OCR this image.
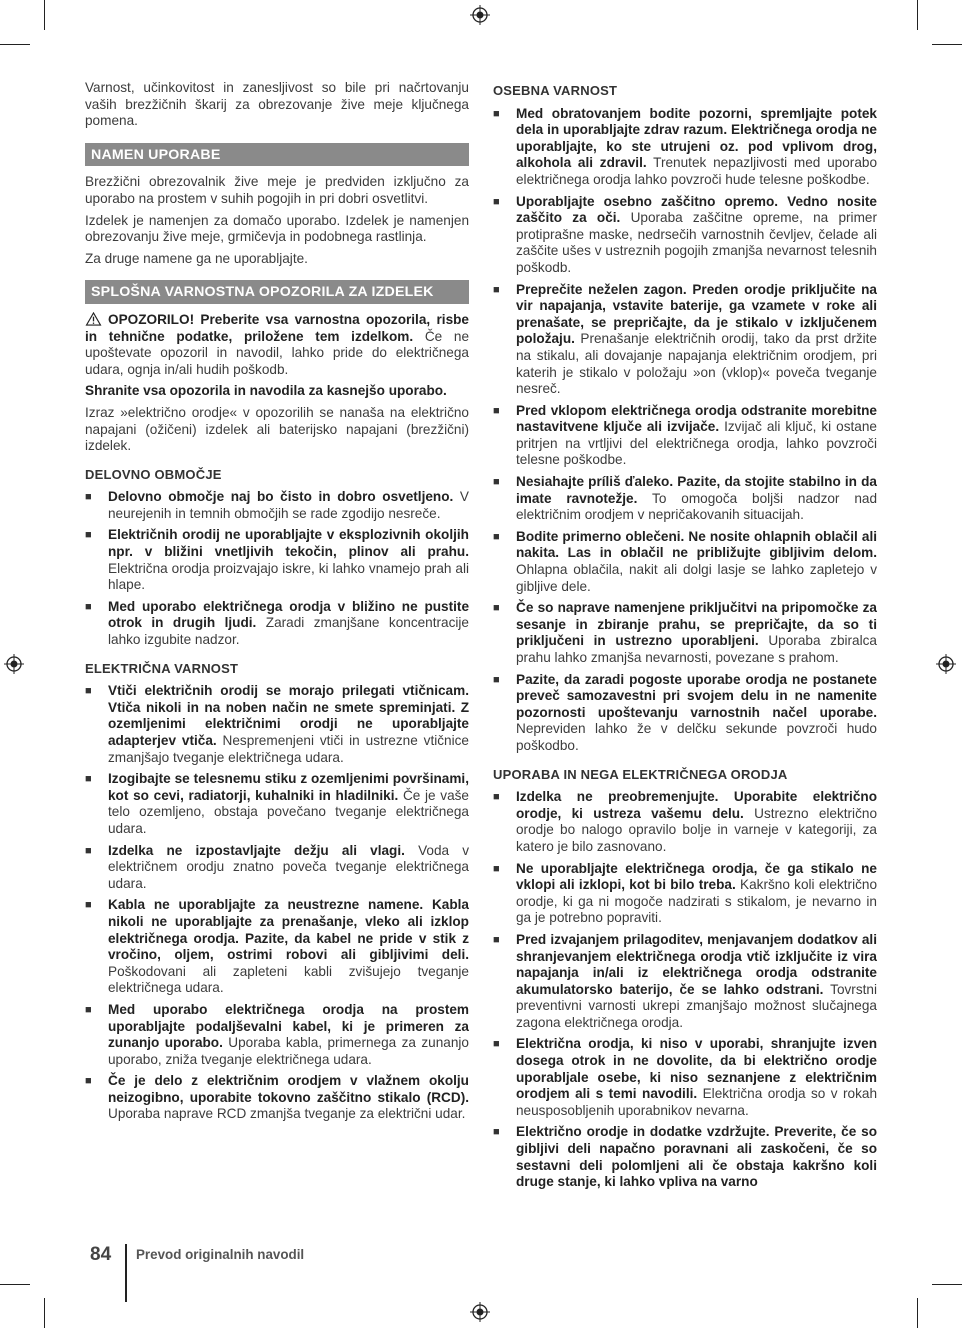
Varnost, učinkovitost in zanesljivost so bile pri načrtovanju vaših brezžičnih škarij za obrezovanje žive meje ključnega pomena.

NAMEN UPORABE

Brezžični obrezovalnik žive meje je predviden izključno za uporabo na prostem v suhih pogojih in pri dobri osvetlitvi.

Izdelek je namenjen za domačo uporabo. Izdelek je namenjen obrezovanju žive meje, grmičevja in podobnega rastlinja.

Za druge namene ga ne uporabljajte.

SPLOŠNA VARNOSTNA OPOZORILA ZA IZDELEK

OPOZORILO! Preberite vsa varnostna opozorila, risbe in tehnične podatke, priložene tem izdelkom. Če ne upoštevate opozoril in navodil, lahko pride do električnega udara, ognja in/ali hudih poškodb.

Shranite vsa opozorila in navodila za kasnejšo uporabo.

Izraz »električno orodje« v opozorilih se nanaša na električno napajani (ožičeni) izdelek ali baterijsko napajani (brezžični) izdelek.

DELOVNO OBMOČJE
■ Delovno območje naj bo čisto in dobro osvetljeno. V neurejenih in temnih območjih se rade zgodijo nesreče.
■ Električnih orodij ne uporabljajte v eksplozivnih okoljih npr. v bližini vnetljivih tekočin, plinov ali prahu. Električna orodja proizvajajo iskre, ki lahko vnamejo prah ali hlape.
■ Med uporabo električnega orodja v bližino ne pustite otrok in drugih ljudi. Zaradi zmanjšane koncentracije lahko izgubite nadzor.
ELEKTRIČNA VARNOST
■ Vtiči električnih orodij se morajo prilegati vtičnicam. Vtiča nikoli in na noben način ne smete spreminjati. Z ozemljenimi električnimi orodji ne uporabljajte adapterjev vtiča. Nespremenjeni vtiči in ustrezne vtičnice zmanjšajo tveganje električnega udara.
■ Izogibajte se telesnemu stiku z ozemljenimi površinami, kot so cevi, radiatorji, kuhalniki in hladilniki. Če je vaše telo ozemljeno, obstaja povečano tveganje električnega udara.
■ Izdelka ne izpostavljajte dežju ali vlagi. Voda v električnem orodju znatno poveča tveganje električnega udara.
■ Kabla ne uporabljajte za neustrezne namene. Kabla nikoli ne uporabljajte za prenašanje, vleko ali izklop električnega orodja. Pazite, da kabel ne pride v stik z vročino, oljem, ostrimi robovi ali gibljivimi deli. Poškodovani ali zapleteni kabli zvišujejo tveganje električnega udara.
■ Med uporabo električnega orodja na prostem uporabljajte podaljševalni kabel, ki je primeren za zunanjo uporabo. Uporaba kabla, primernega za zunanjo uporabo, zniža tveganje električnega udara.
■ Če je delo z električnim orodjem v vlažnem okolju neizogibno, uporabite tokovno zaščitno stikalo (RCD). Uporaba naprave RCD zmanjša tveganje za električni udar.
OSEBNA VARNOST
■ Med obratovanjem bodite pozorni, spremljajte potek dela in uporabljajte zdrav razum. Električnega orodja ne uporabljajte, ko ste utrujeni oz. pod vplivom drog, alkohola ali zdravil. Trenutek nepazljivosti med uporabo električnega orodja lahko povzroči hude telesne poškodbe.
■ Uporabljajte osebno zaščitno opremo. Vedno nosite zaščito za oči. Uporaba zaščitne opreme, na primer protiprašne maske, nedrsečih varnostnih čevljev, čelade ali zaščite ušes v ustreznih pogojih zmanjša nevarnost telesnih poškodb.
■ Preprečite neželen zagon. Preden orodje priključite na vir napajanja, vstavite baterije, ga vzamete v roke ali prenašate, se prepričajte, da je stikalo v izključenem položaju. Prenašanje električnih orodij, tako da prst držite na stikalu, ali dovajanje napajanja električnim orodjem, pri katerih je stikalo v položaju »on (vklop)« poveča tveganje nesreč.
■ Pred vklopom električnega orodja odstranite morebitne nastavitvene ključe ali izvijače. Izvijač ali ključ, ki ostane pritrjen na vrtljivi del električnega orodja, lahko povzroči telesne poškodbe.
■ Nesiahajte príliš ďaleko. Pazite, da stojite stabilno in da imate ravnotežje. To omogoča boljši nadzor nad električnim orodjem v nepričakovanih situacijah.
■ Bodite primerno oblečeni. Ne nosite ohlapnih oblačil ali nakita. Las in oblačil ne približujte gibljivim delom. Ohlapna oblačila, nakit ali dolgi lasje se lahko zapletejo v gibljive dele.
■ Če so naprave namenjene priključitvi na pripomočke za sesanje in zbiranje prahu, se prepričajte, da so ti priključeni in ustrezno uporabljeni. Uporaba zbiralca prahu lahko zmanjša nevarnosti, povezane s prahom.
■ Pazite, da zaradi pogoste uporabe orodja ne postanete preveč samozavestni pri svojem delu in ne namenite pozornosti upoštevanju varnostnih načel uporabe. Nepreviden lahko že v delčku sekunde povzroči hudo poškodbo.
UPORABA IN NEGA ELEKTRIČNEGA ORODJA
■ Izdelka ne preobremenjujte. Uporabite električno orodje, ki ustreza vašemu delu. Ustrezno električno orodje bo nalogo opravilo bolje in varneje v kategoriji, za katero je bilo zasnovano.
■ Ne uporabljajte električnega orodja, če ga stikalo ne vklopi ali izklopi, kot bi bilo treba. Kakršno koli električno orodje, ki ga ni mogoče nadzirati s stikalom, je nevarno in ga je potrebno popraviti.
■ Pred izvajanjem prilagoditev, menjavanjem dodatkov ali shranjevanjem električnega orodja vtič izključite iz vira napajanja in/ali iz električnega orodja odstranite akumulatorsko baterijo, če se lahko odstrani. Tovrstni preventivni varnosti ukrepi zmanjšajo možnost slučajnega zagona električnega orodja.
■ Električna orodja, ki niso v uporabi, shranjujte izven dosega otrok in ne dovolite, da bi električno orodje uporabljale osebe, ki niso seznanjene z električnim orodjem ali s temi navodili. Električna orodja so v rokah neusposobljenih uporabnikov nevarna.
■ Električno orodje in dodatke vzdržujte. Preverite, če so gibljivi deli napačno poravnani ali zaskočeni, če so sestavni deli polomljeni ali če obstaja kakršno koli druge stanje, ki lahko vpliva na varno
84 Prevod originalnih navodil
